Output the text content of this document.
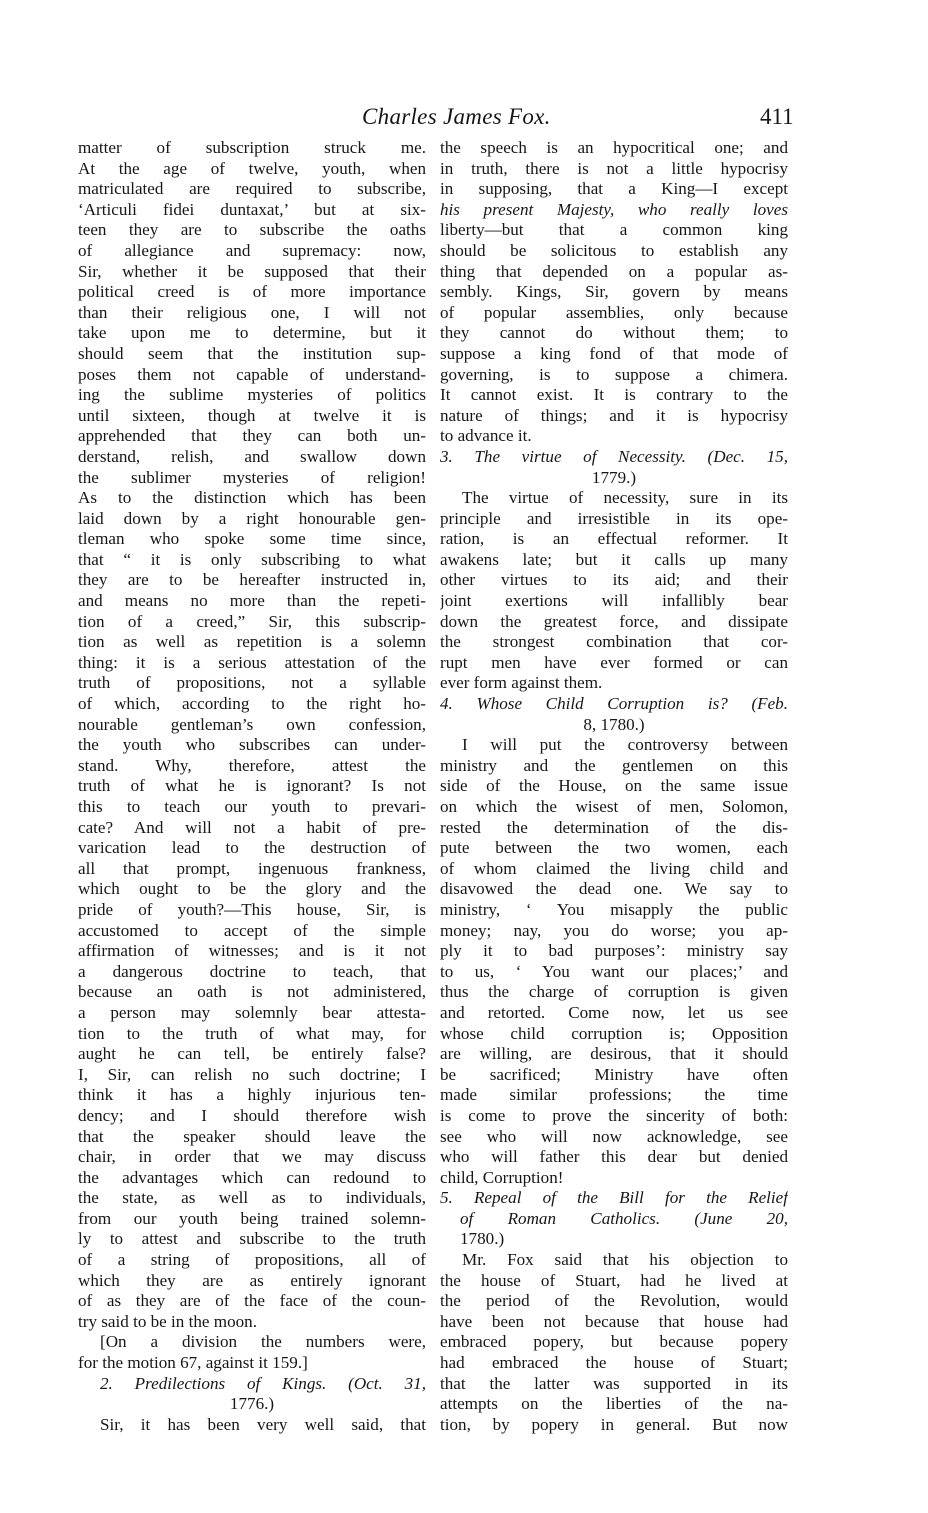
Charles James Fox.	411
matter of subscription struck me.
At the age of twelve, youth, when
matriculated are required to subscribe,
‘Articuli fidei duntaxat,’ but at six-
teen they are to subscribe the oaths
of allegiance and supremacy: now,
Sir, whether it be supposed that their
political creed is of more importance
than their religious one, I will not
take upon me to determine, but it
should seem that the institution sup-
poses them not capable of understand-
ing the sublime mysteries of politics
until sixteen, though at twelve it is
apprehended that they can both un-
derstand, relish, and swallow down
the sublimer mysteries of religion!
As to the distinction which has been
laid down by a right honourable gen-
tleman who spoke some time since,
that “ it is only subscribing to what
they are to be hereafter instructed in,
and means no more than the repeti-
tion of a creed,” Sir, this subscrip-
tion as well as repetition is a solemn
thing: it is a serious attestation of the
truth of propositions, not a syllable
of which, according to the right ho-
nourable gentleman’s own confession,
the youth who subscribes can under-
stand. Why, therefore, attest the
truth of what he is ignorant? Is not
this to teach our youth to prevari-
cate? And will not a habit of pre-
varication lead to the destruction of
all that prompt, ingenuous frankness,
which ought to be the glory and the
pride of youth?—This house, Sir, is
accustomed to accept of the simple
affirmation of witnesses; and is it not
a dangerous doctrine to teach, that
because an oath is not administered,
a person may solemnly bear attesta-
tion to the truth of what may, for
aught he can tell, be entirely false?
I, Sir, can relish no such doctrine; I
think it has a highly injurious ten-
dency; and I should therefore wish
that the speaker should leave the
chair, in order that we may discuss
the advantages which can redound to
the state, as well as to individuals,
from our youth being trained solemn-
ly to attest and subscribe to the truth
of a string of propositions, all of
which they are as entirely ignorant
of as they are of the face of the coun-
try said to be in the moon.
[On a division the numbers were,
for the motion 67, against it 159.]
2. Predilections of Kings. (Oct. 31,
1776.)
Sir, it has been very well said, that
the speech is an hypocritical one; and
in truth, there is not a little hypocrisy
in supposing, that a King—I except
his present Majesty, who really loves
liberty—but that a common king
should be solicitous to establish any
thing that depended on a popular as-
sembly. Kings, Sir, govern by means
of popular assemblies, only because
they cannot do without them; to
suppose a king fond of that mode of
governing, is to suppose a chimera.
It cannot exist. It is contrary to the
nature of things; and it is hypocrisy
to advance it.
3. The virtue of Necessity. (Dec. 15,
1779.)
The virtue of necessity, sure in its
principle and irresistible in its ope-
ration, is an effectual reformer. It
awakens late; but it calls up many
other virtues to its aid; and their
joint exertions will infallibly bear
down the greatest force, and dissipate
the strongest combination that cor-
rupt men have ever formed or can
ever form against them.
4. Whose Child Corruption is? (Feb.
8, 1780.)
I will put the controversy between
ministry and the gentlemen on this
side of the House, on the same issue
on which the wisest of men, Solomon,
rested the determination of the dis-
pute between the two women, each
of whom claimed the living child and
disavowed the dead one. We say to
ministry, ‘ You misapply the public
money; nay, you do worse; you ap-
ply it to bad purposes’: ministry say
to us, ‘ You want our places;’ and
thus the charge of corruption is given
and retorted. Come now, let us see
whose child corruption is; Opposition
are willing, are desirous, that it should
be sacrificed; Ministry have often
made similar professions; the time
is come to prove the sincerity of both:
see who will now acknowledge, see
who will father this dear but denied
child, Corruption!
5. Repeal of the Bill for the Relief
of Roman Catholics. (June 20,
1780.)
Mr. Fox said that his objection to
the house of Stuart, had he lived at
the period of the Revolution, would
have been not because that house had
embraced popery, but because popery
had embraced the house of Stuart;
that the latter was supported in its
attempts on the liberties of the na-
tion, by popery in general. But now
